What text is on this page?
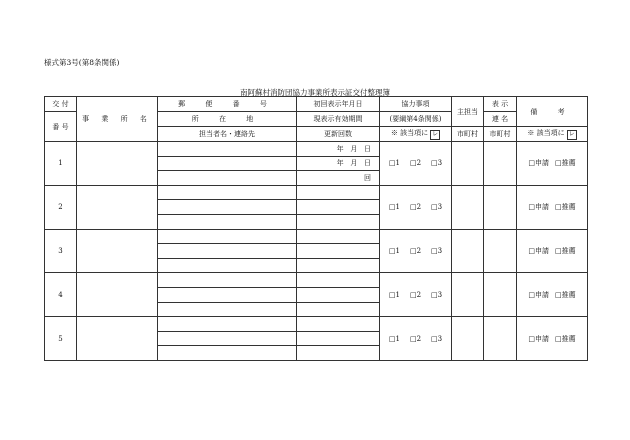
様式第3号(第8条関係)
南阿蘇村消防団協力事業所表示証交付整理簿
交 付	事 業 所 名	郵 便 番 号	初回表示年月日	協力事項	主担当	表 示	備 考
番 号		所 在 地	現表示有効期間	(要綱第4条関係)		連 名	
		担当者名・連絡先	更新回数	※ 該当項に レ	市町村	市町村	※ 該当項に レ
1			年 月 日	□1 □2 □3			□申請 □推薦
			年 月 日				
			回				
2				□1 □2 □3			□申請 □推薦

3				□1 □2 □3			□申請 □推薦

4				□1 □2 □3			□申請 □推薦

5				□1 □2 □3			□申請 □推薦
